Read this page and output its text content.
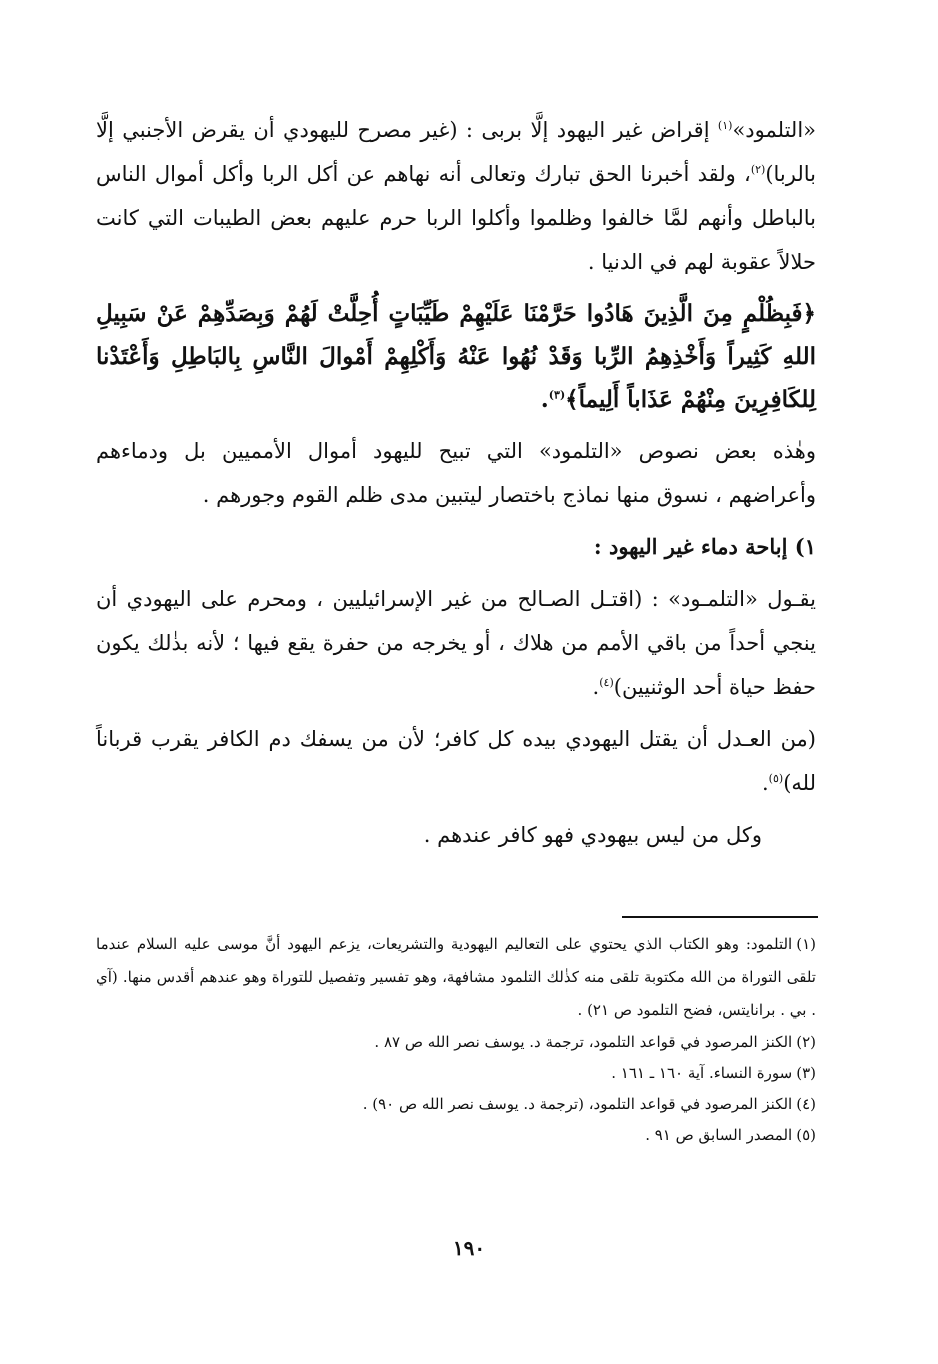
«التلمود»$^{(١)}$ إقراض غير اليهود إلَّا بربى : (غير مصرح لليهودي أن يقرض الأجنبي إلَّا بالربا)$^{(٢)}$، ولقد أخبرنا الحق تبارك وتعالى أنه نهاهم عن أكل الربا وأكل أموال الناس بالباطل وأنهم لمَّا خالفوا وظلموا وأكلوا الربا حرم عليهم بعض الطيبات التي كانت حلالاً عقوبة لهم في الدنيا .

﴿فَبِظُلْمٍ مِنَ الَّذِينَ هَادُوا حَرَّمْنَا عَلَيْهِمْ طَيِّبَاتٍ أُحِلَّتْ لَهُمْ وَبِصَدِّهِمْ عَنْ سَبِيلِ اللهِ كَثِيراً وَأَخْذِهِمُ الرِّبا وَقَدْ نُهُوا عَنْهُ وَأَكْلِهِمْ أَمْوالَ النَّاسِ بِالبَاطِلِ وَأَعْتَدْنا لِلكَافِرِينَ مِنْهُمْ عَذَاباً أَلِيماً﴾$^{(٣)}$.

وهٰذه بعض نصوص «التلمود» التي تبيح لليهود أموال الأمميين بل ودماءهم وأعراضهم ، نسوق منها نماذج باختصار ليتبين مدى ظلم القوم وجورهم .

١) إباحة دماء غير اليهود :

يقـول «التلمـود» : (اقتـل الصـالح من غير الإسرائيليين ، ومحرم على اليهودي أن ينجي أحداً من باقي الأمم من هلاك ، أو يخرجه من حفرة يقع فيها ؛ لأنه بذٰلك يكون حفظ حياة أحد الوثنيين)$^{(٤)}$.

(من العـدل أن يقتل اليهودي بيده كل كافر؛ لأن من يسفك دم الكافر يقرب قرباناً لله)$^{(٥)}$.

وكل من ليس بيهودي فهو كافر عندهم .

(١)التلمود: وهو الكتاب الذي يحتوي على التعاليم اليهودية والتشريعات، يزعم اليهود أنَّ موسى عليه السلام عندما تلقى التوراة من الله مكتوبة تلقى منه كذٰلك التلمود مشافهة، وهو تفسير وتفصيل للتوراة وهو عندهم أقدس منها. (آي . بي . برانايتس، فضح التلمود ص ٢١) .

(٢)الكنز المرصود في قواعد التلمود، ترجمة د. يوسف نصر الله ص ٨٧ .

(٣)سورة النساء. آية ١٦٠ ـ ١٦١ .

(٤)الكنز المرصود في قواعد التلمود، (ترجمة د. يوسف نصر الله ص ٩٠) .

(٥)المصدر السابق ص ٩١ .

١٩٠
